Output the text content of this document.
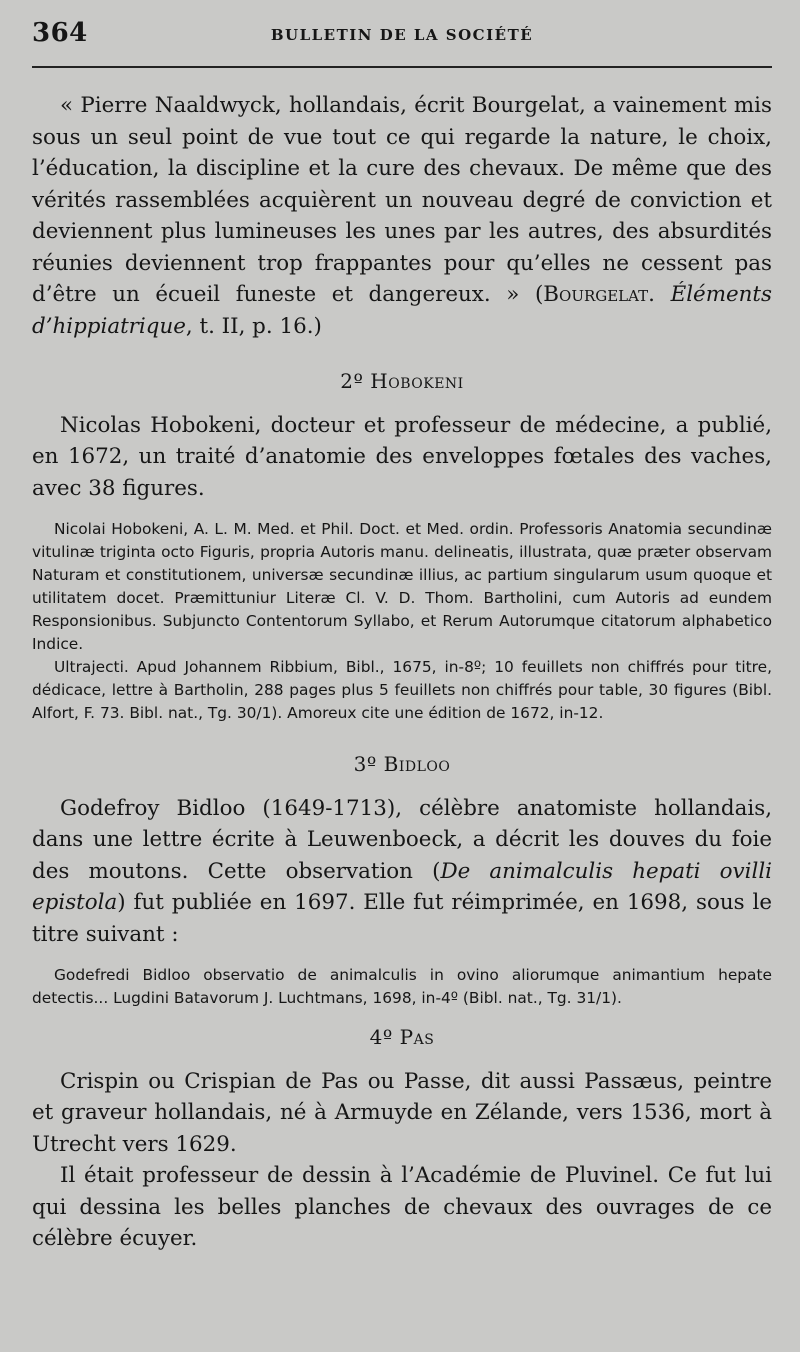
364	BULLETIN DE LA SOCIÉTÉ

« Pierre Naaldwyck, hollandais, écrit Bourgelat, a vainement mis sous un seul point de vue tout ce qui regarde la nature, le choix, l’éducation, la discipline et la cure des chevaux. De même que des vérités rassemblées acquièrent un nouveau degré de conviction et deviennent plus lumineuses les unes par les autres, des absurdités réunies deviennent trop frappantes pour qu’elles ne cessent pas d’être un écueil funeste et dangereux. » (Bourgelat. Éléments d’hippiatrique, t. II, p. 16.)

2º Hobokeni

Nicolas Hobokeni, docteur et professeur de médecine, a publié, en 1672, un traité d’anatomie des enveloppes fœtales des vaches, avec 38 figures.

Nicolai Hobokeni, A. L. M. Med. et Phil. Doct. et Med. ordin. Professoris Anatomia secundinæ vitulinæ triginta octo Figuris, propria Autoris manu. delineatis, illustrata, quæ præter observam Naturam et constitutionem, universæ secundinæ illius, ac partium singularum usum quoque et utilitatem docet. Præmittuniur Literæ Cl. V. D. Thom. Bartholini, cum Autoris ad eundem Responsionibus. Subjuncto Contentorum Syllabo, et Rerum Autorumque citatorum alphabetico Indice.

Ultrajecti. Apud Johannem Ribbium, Bibl., 1675, in-8º; 10 feuillets non chiffrés pour titre, dédicace, lettre à Bartholin, 288 pages plus 5 feuillets non chiffrés pour table, 30 figures (Bibl. Alfort, F. 73. Bibl. nat., Tg. 30/1). Amoreux cite une édition de 1672, in-12.

3º Bidloo

Godefroy Bidloo (1649-1713), célèbre anatomiste hollandais, dans une lettre écrite à Leuwenboeck, a décrit les douves du foie des moutons. Cette observation (De animalculis hepati ovilli epistola) fut publiée en 1697. Elle fut réimprimée, en 1698, sous le titre suivant :

Godefredi Bidloo observatio de animalculis in ovino aliorumque animantium hepate detectis... Lugdini Batavorum J. Luchtmans, 1698, in-4º (Bibl. nat., Tg. 31/1).

4º Pas

Crispin ou Crispian de Pas ou Passe, dit aussi Passæus, peintre et graveur hollandais, né à Armuyde en Zélande, vers 1536, mort à Utrecht vers 1629.

Il était professeur de dessin à l’Académie de Pluvinel. Ce fut lui qui dessina les belles planches de chevaux des ouvrages de ce célèbre écuyer.
